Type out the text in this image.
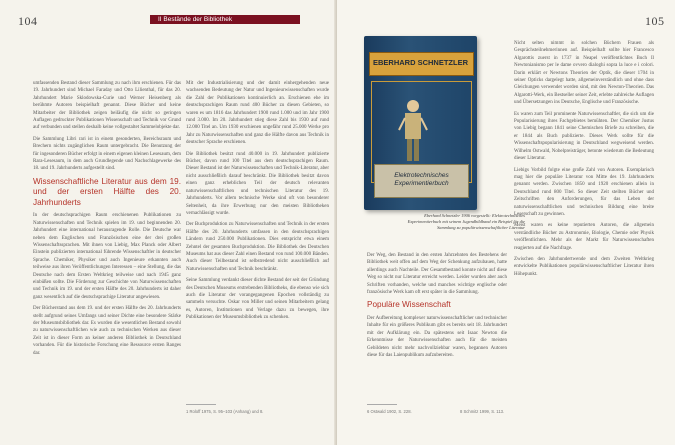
104	II Bestände der Bibliothek

umfassenden Bestand dieser Sammlung zu nach ihm erschienen. Für das 19. Jahrhundert sind Michael Faraday und Otto Lilienthal, für das 20. Jahrhundert Marie Sklodowska-Curie und Werner Heisenberg als berühmte Autoren beispielhaft genannt. Diese Bücher und keine Mitarbeiter der Bibliothek zeigen beiläufig die nicht so geringen Auflagen gedruckter Publikationen Wissenschaft und Technik vor Grund auf verbunden und stellen deshalb keine vollgestaltet Sammelobjekte dar.

Die Sammlung Libri rari ist in einem gesonderten, Bereichsraum und Brechern nichts zugänglichen Raum untergebracht. Die Benutzung der für ingesonderen Bücher erfolgt in einem eigenen kleinen Lesesaum, dem Rara-Lesesaum, in dem auch Grundlegende und Nachschlagewerke des 18. und 19. Jahrhunderts aufgestellt sind.

Wissenschaftliche Literatur aus dem 19. und der ersten Hälfte des 20. Jahrhunderts

In der deutschsprachigen Raum erschienenen Publikationen zu Naturwissenschaften und Technik spielen im 19. und beginnenden 20. Jahrhundert eine international herausragende Rolle. Die Deutsche war neben dem Englischen und Französischen eine der drei großen Wissenschaftssprachen. Mit ihnen von Liebig, Max Planck oder Albert Einstein publizierten international führende Wissenschaftler in deutscher Sprache. Chemiker, Physiker und auch Ingenieure erkannten auch teilweise aus ihren Veröffentlichungen Interessen – eine Stellung, die das Deutsche nach dem Ersten Weltkrieg teilweise und nach 1945 ganz einbüßen sollte. Die Förderung zur Geschichte von Naturwissenschaften und Technik im 19. und der ersten Hälfte des 20. Jahrhunderts ist daher ganz wesentlich auf die deutschsprachige Literatur angewiesen.

Der Bücherstand aus dem 19. und der ersten Hälfte des 20. Jahrhunderts stellt aufgrund seines Umfangs und seiner Dichte eine besondere Stärke der Museumsbibliothek dar. Es wurden die wesentlichen Bestand sowohl zu naturwissenschaftlichen wie auch zu technischen Werken aus dieser Zeit ist in dieser Form an keiner anderen Bibliothek in Deutschland vorhanden. Für die historische Forschung eine Ressource ersten Ranges dar.

Mit der Industrialisierung und der damit einhergehenden neue wachsenden Bedeutung der Natur und Ingenieurwissenschaften wurde die Zahl der Publikationen kontinuierlich an. Erschienen ehe im deutschsprachigen Raum rund 400 Bücher zu diesen Gebieten, so waren es um 1816 das Jahrhundert 1900 rund 1.000 und im Jahr 1900 rund 3.000. Im 20. Jahrhundert stieg diese Zahl bis 1930 auf rund 12.000 Titel an. Um 1930 erschienen ungefähr rund 25.000 Werke pro Jahr zu Naturwissenschaften und ganz die Hälfte davon aus Technik in deutscher Sprache erschienen.

Die Bibliothek besitzt rund 40.000 in 19. Jahrhundert publizierte Bücher, davon rund 100 Titel aus dem deutschsprachigen Raum. Dieser Bestand ist der Naturwissenschaften und Technik-Literatur, aber nicht ausschließlich darauf beschränkt. Die Bibliothek besitzt davon einen ganz erheblichen Teil der deutsch relevanten naturwissenschaftlichen und technischen Literatur des 19. Jahrhunderts. Vor allem technische Werke sind oft von besonderer Seltenheit, da ihre Erwerbung nur den meisten Bibliotheken vernachlässigt wurde.

Der Buchproduktion zu Naturwissenschaften und Technik in der ersten Hälfte des 20. Jahrhunderts umfassen in den deutschsprachigen Ländern rund 250.000 Publikationen. Dies entspricht etwa einem Zehntel der gesamten Buchproduktion. Die Bibliothek des Deutschen Museums hat aus dieser Zahl einen Bestand von rund 100.000 Bänden. Auch dieser Teilbestand ist selbstredend nicht ausschließlich auf Naturwissenschaften und Technik beschränkt.

Seine Sammlung verdankt dieser dichte Bestand der seit der Gründung des Deutschen Museums erstrebenden Bibliotheks, die ebenso wie sich auch die Literatur der vorangegangenen Epochen vollständig zu sammeln versuchte. Oskar von Miller und seinen Mitarbeitern gelang es, Autoren, Institutionen und Verlage dazu zu bewegen, ihre Publikationen der Museumsbibliothek zu schenken.

1 Roloff 1975, S. 95–103 (Anhang) und 8.
105
EBERHARD SCHNETZLER
Elektrotechnisches
Experimentierbuch
Eberhard Schnetzler 1906 vorgestellt: Elektrotechnisches Experimentierbuch mit seinem Jugendbildband ein Beispiel für die Sammlung zu populärwissenschaftlicher Literatur

Der Weg, den Bestand in den ersten Jahrzehnten des Bestehens der Bibliothek weit offen auf dem Weg der Schenkung aufzubauen, hatte allerdings auch Nachteile. Der Gesamtbestand konnte nicht auf diese Weg so nicht nur Literatur erreicht werden. Leider wurden aber auch Schriften vorhanden, welche und manches wichtige englische oder französische Werk kam oft erst später in die Sammlung.

Populäre Wissenschaft

Der Aufbereitung komplexer naturwissenschaftlicher und technischer Inhalte für ein größeres Publikum gibt es bereits seit 18. Jahrhundert mit der Aufklärung ein. Da spätestens seit Isaac Newton die Erkenntnisse der Naturwissenschaften auch für die meisten Gebildeten nicht mehr nachvollziehbar waren, begannen Autoren diese für das Laienpublikum aufzubereiten.

Nicht selten nimmt in solchen Büchern Frauen als Gesprächsteilnehmerinnen auf. Beispielhaft sollte hier Francesco Algarottis zuerst in 1737 in Neapel veröffentlichtes Buch Il Newtonianismo per le dame ovvero dialoghi sopra la luce e i colori. Darin erklärt er Newtons Theorien der Optik, die dieser 1704 in seiner Opticks dargelegt hatte, allgemeinverständlich und ohne dass Gleichungen verwendet worden sind, mit den Newton-Theorien. Das Algarotti-Werk, ein Bestseller seiner Zeit, erlebte zahlreiche Auflagen und Übersetzungen ins Deutsche, Englische und Französische.

Es waren zum Teil prominente Naturwissenschaftler, die sich um die Popularisierung ihres Fachgebietes bemühten. Der Chemiker Justus von Liebig begann 1841 seine Chemischen Briefe zu schreiben, die er 1844 als Buch publizierte. Dieses Werk sollte für die Wissenschaftspopularisierung in Deutschland wegweisend werden. Wilhelm Ostwald, Nobelpreisträger, betonte wiederum die Bedeutung dieser Literatur.

Liebigs Vorbild folgte eine große Zahl von Autoren. Exemplarisch mag hier die populäre Literatur von Mitte des 19. Jahrhunderts genannt werden. Zwischen 1850 und 1920 erschienen allein in Deutschland rund 800 Titel. So dieser Zeit stellten Bücher und Zeitschriften den Anforderungen, für das Leben der naturwissenschaftlichen und technischen Bildung eine breite Leserschaft zu gewinnen.

Meist waren es keine reputierten Autoren, die allgemein verständliche Bücher zu Astronomie, Biologie, Chemie oder Physik veröffentlichten. Mehr als der Markt für Naturwissenschaften reagierten auf die Nachfrage.

Zwischen den Jahrhundertwende und dem Zweiten Weltkrieg entwickelte Publikationen populärwissenschaftlicher Literatur ihren Höhepunkt.

6 Ostwald 1902, S. 228.	8 Schmitz 1999, S. 113.
